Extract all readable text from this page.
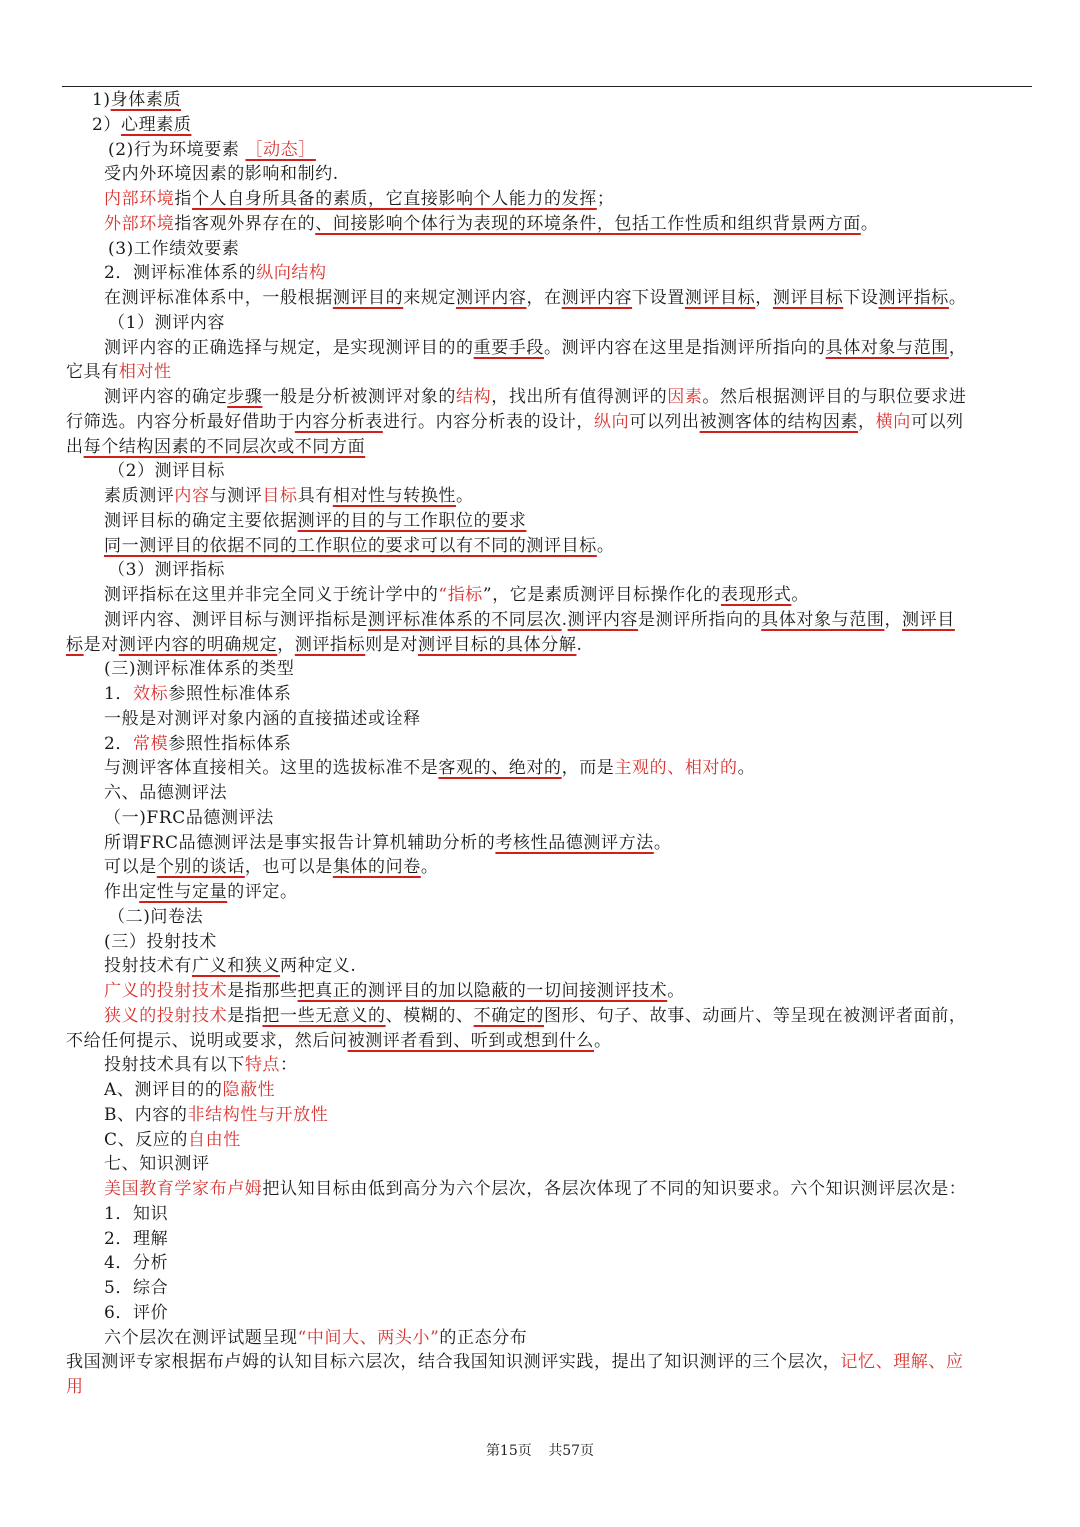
1)身体素质
2）心理素质
(2)行为环境要素 ［动态］
受内外环境因素的影响和制约.
内部环境指个人自身所具备的素质，它直接影响个人能力的发挥；
外部环境指客观外界存在的、间接影响个体行为表现的环境条件，包括工作性质和组织背景两方面。
(3)工作绩效要素
2．测评标准体系的纵向结构
在测评标准体系中，一般根据测评目的来规定测评内容，在测评内容下设置测评目标，测评目标下设测评指标。
（1）测评内容
测评内容的正确选择与规定，是实现测评目的的重要手段。测评内容在这里是指测评所指向的具体对象与范围，
它具有相对性
测评内容的确定步骤一般是分析被测评对象的结构，找出所有值得测评的因素。然后根据测评目的与职位要求进
行筛选。内容分析最好借助于内容分析表进行。内容分析表的设计，纵向可以列出被测客体的结构因素，横向可以列
出每个结构因素的不同层次或不同方面
（2）测评目标
素质测评内容与测评目标具有相对性与转换性。
测评目标的确定主要依据测评的目的与工作职位的要求
同一测评目的依据不同的工作职位的要求可以有不同的测评目标。
（3）测评指标
测评指标在这里并非完全同义于统计学中的“指标”，它是素质测评目标操作化的表现形式。
测评内容、测评目标与测评指标是测评标准体系的不同层次.测评内容是测评所指向的具体对象与范围，测评目
标是对测评内容的明确规定，测评指标则是对测评目标的具体分解.
(三)测评标准体系的类型
1．效标参照性标准体系
一般是对测评对象内涵的直接描述或诠释
2．常模参照性指标体系
与测评客体直接相关。这里的选拔标准不是客观的、绝对的，而是主观的、相对的。
六、品德测评法
（一)FRC品德测评法
所谓FRC品德测评法是事实报告计算机辅助分析的考核性品德测评方法。
可以是个别的谈话，也可以是集体的问卷。
作出定性与定量的评定。
（二)问卷法
(三）投射技术
投射技术有广义和狭义两种定义.
广义的投射技术是指那些把真正的测评目的加以隐蔽的一切间接测评技术。
狭义的投射技术是指把一些无意义的、模糊的、不确定的图形、句子、故事、动画片、等呈现在被测评者面前，
不给任何提示、说明或要求，然后问被测评者看到、听到或想到什么。
投射技术具有以下特点：
A、测评目的的隐蔽性
B、内容的非结构性与开放性
C、反应的自由性
七、知识测评
美国教育学家布卢姆把认知目标由低到高分为六个层次，各层次体现了不同的知识要求。六个知识测评层次是：
1．知识
2．理解
4．分析
5．综合
6．评价
六个层次在测评试题呈现“中间大、两头小”的正态分布
我国测评专家根据布卢姆的认知目标六层次，结合我国知识测评实践，提出了知识测评的三个层次，记忆、理解、应
用
第15页 共57页
